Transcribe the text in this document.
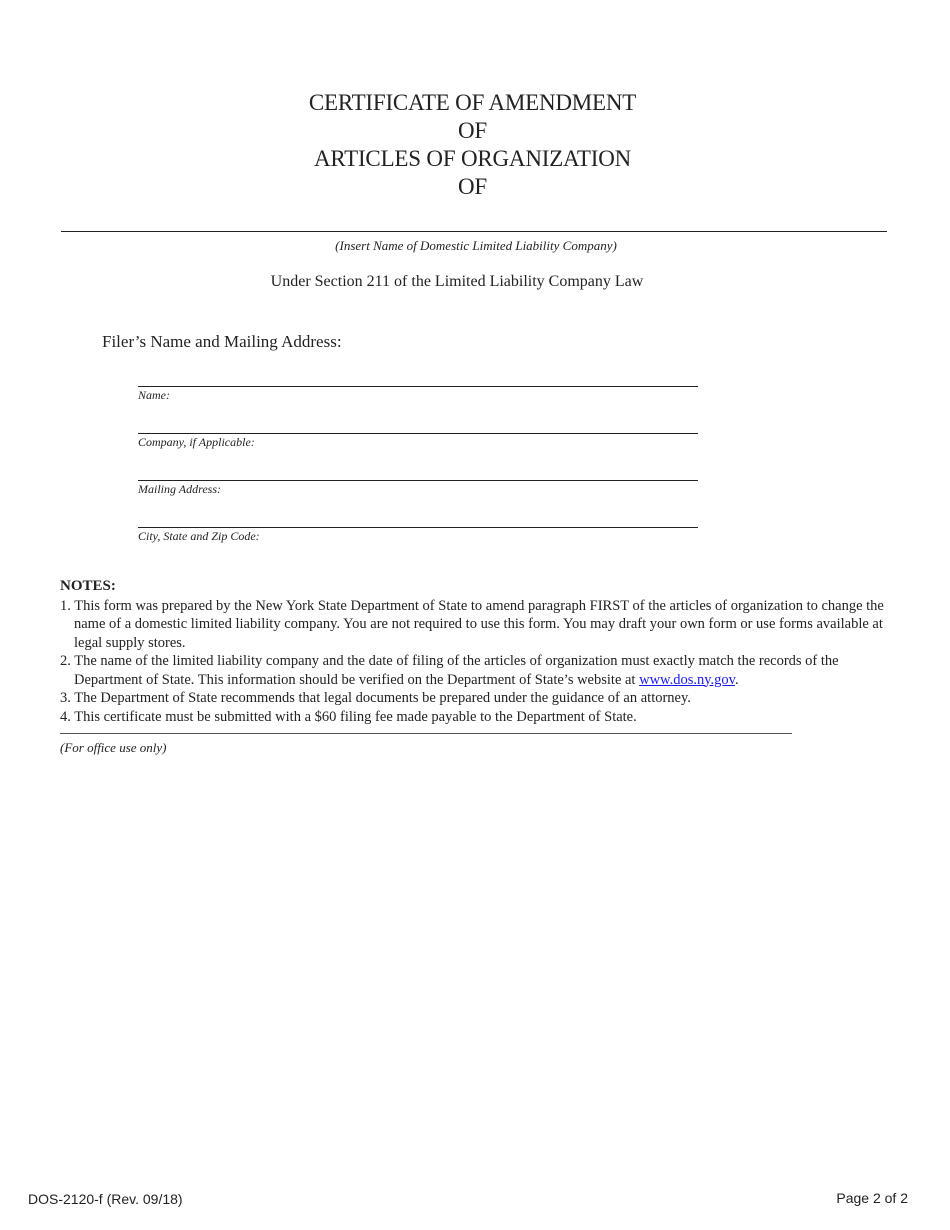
CERTIFICATE OF AMENDMENT
OF
ARTICLES OF ORGANIZATION
OF
(Insert Name of Domestic Limited Liability Company)
Under Section 211 of the Limited Liability Company Law
Filer’s Name and Mailing Address:
Name:
Company, if Applicable:
Mailing Address:
City, State and Zip Code:
NOTES:
1. This form was prepared by the New York State Department of State to amend paragraph FIRST of the articles of organization to change the name of a domestic limited liability company. You are not required to use this form. You may draft your own form or use forms available at legal supply stores.
2. The name of the limited liability company and the date of filing of the articles of organization must exactly match the records of the Department of State. This information should be verified on the Department of State’s website at www.dos.ny.gov.
3. The Department of State recommends that legal documents be prepared under the guidance of an attorney.
4. This certificate must be submitted with a $60 filing fee made payable to the Department of State.
(For office use only)
DOS-2120-f (Rev. 09/18)	Page 2 of 2
